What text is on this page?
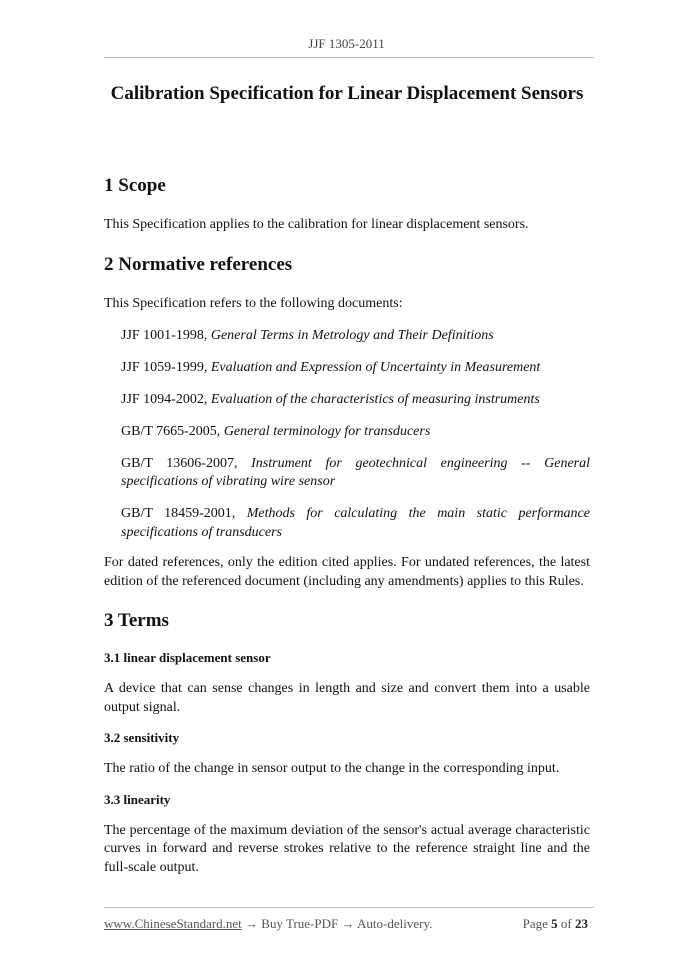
JJF 1305-2011
Calibration Specification for Linear Displacement Sensors
1 Scope

This Specification applies to the calibration for linear displacement sensors.

2 Normative references

This Specification refers to the following documents:

JJF 1001-1998, General Terms in Metrology and Their Definitions

JJF 1059-1999, Evaluation and Expression of Uncertainty in Measurement

JJF 1094-2002, Evaluation of the characteristics of measuring instruments

GB/T 7665-2005, General terminology for transducers

GB/T 13606-2007, Instrument for geotechnical engineering -- General specifications of vibrating wire sensor

GB/T 18459-2001, Methods for calculating the main static performance specifications of transducers

For dated references, only the edition cited applies. For undated references, the latest edition of the referenced document (including any amendments) applies to this Rules.

3 Terms
3.1 linear displacement sensor

A device that can sense changes in length and size and convert them into a usable output signal.

3.2 sensitivity

The ratio of the change in sensor output to the change in the corresponding input.

3.3 linearity

The percentage of the maximum deviation of the sensor's actual average characteristic curves in forward and reverse strokes relative to the reference straight line and the full-scale output.

www.ChineseStandard.net → Buy True-PDF → Auto-delivery.	Page 5 of 23
